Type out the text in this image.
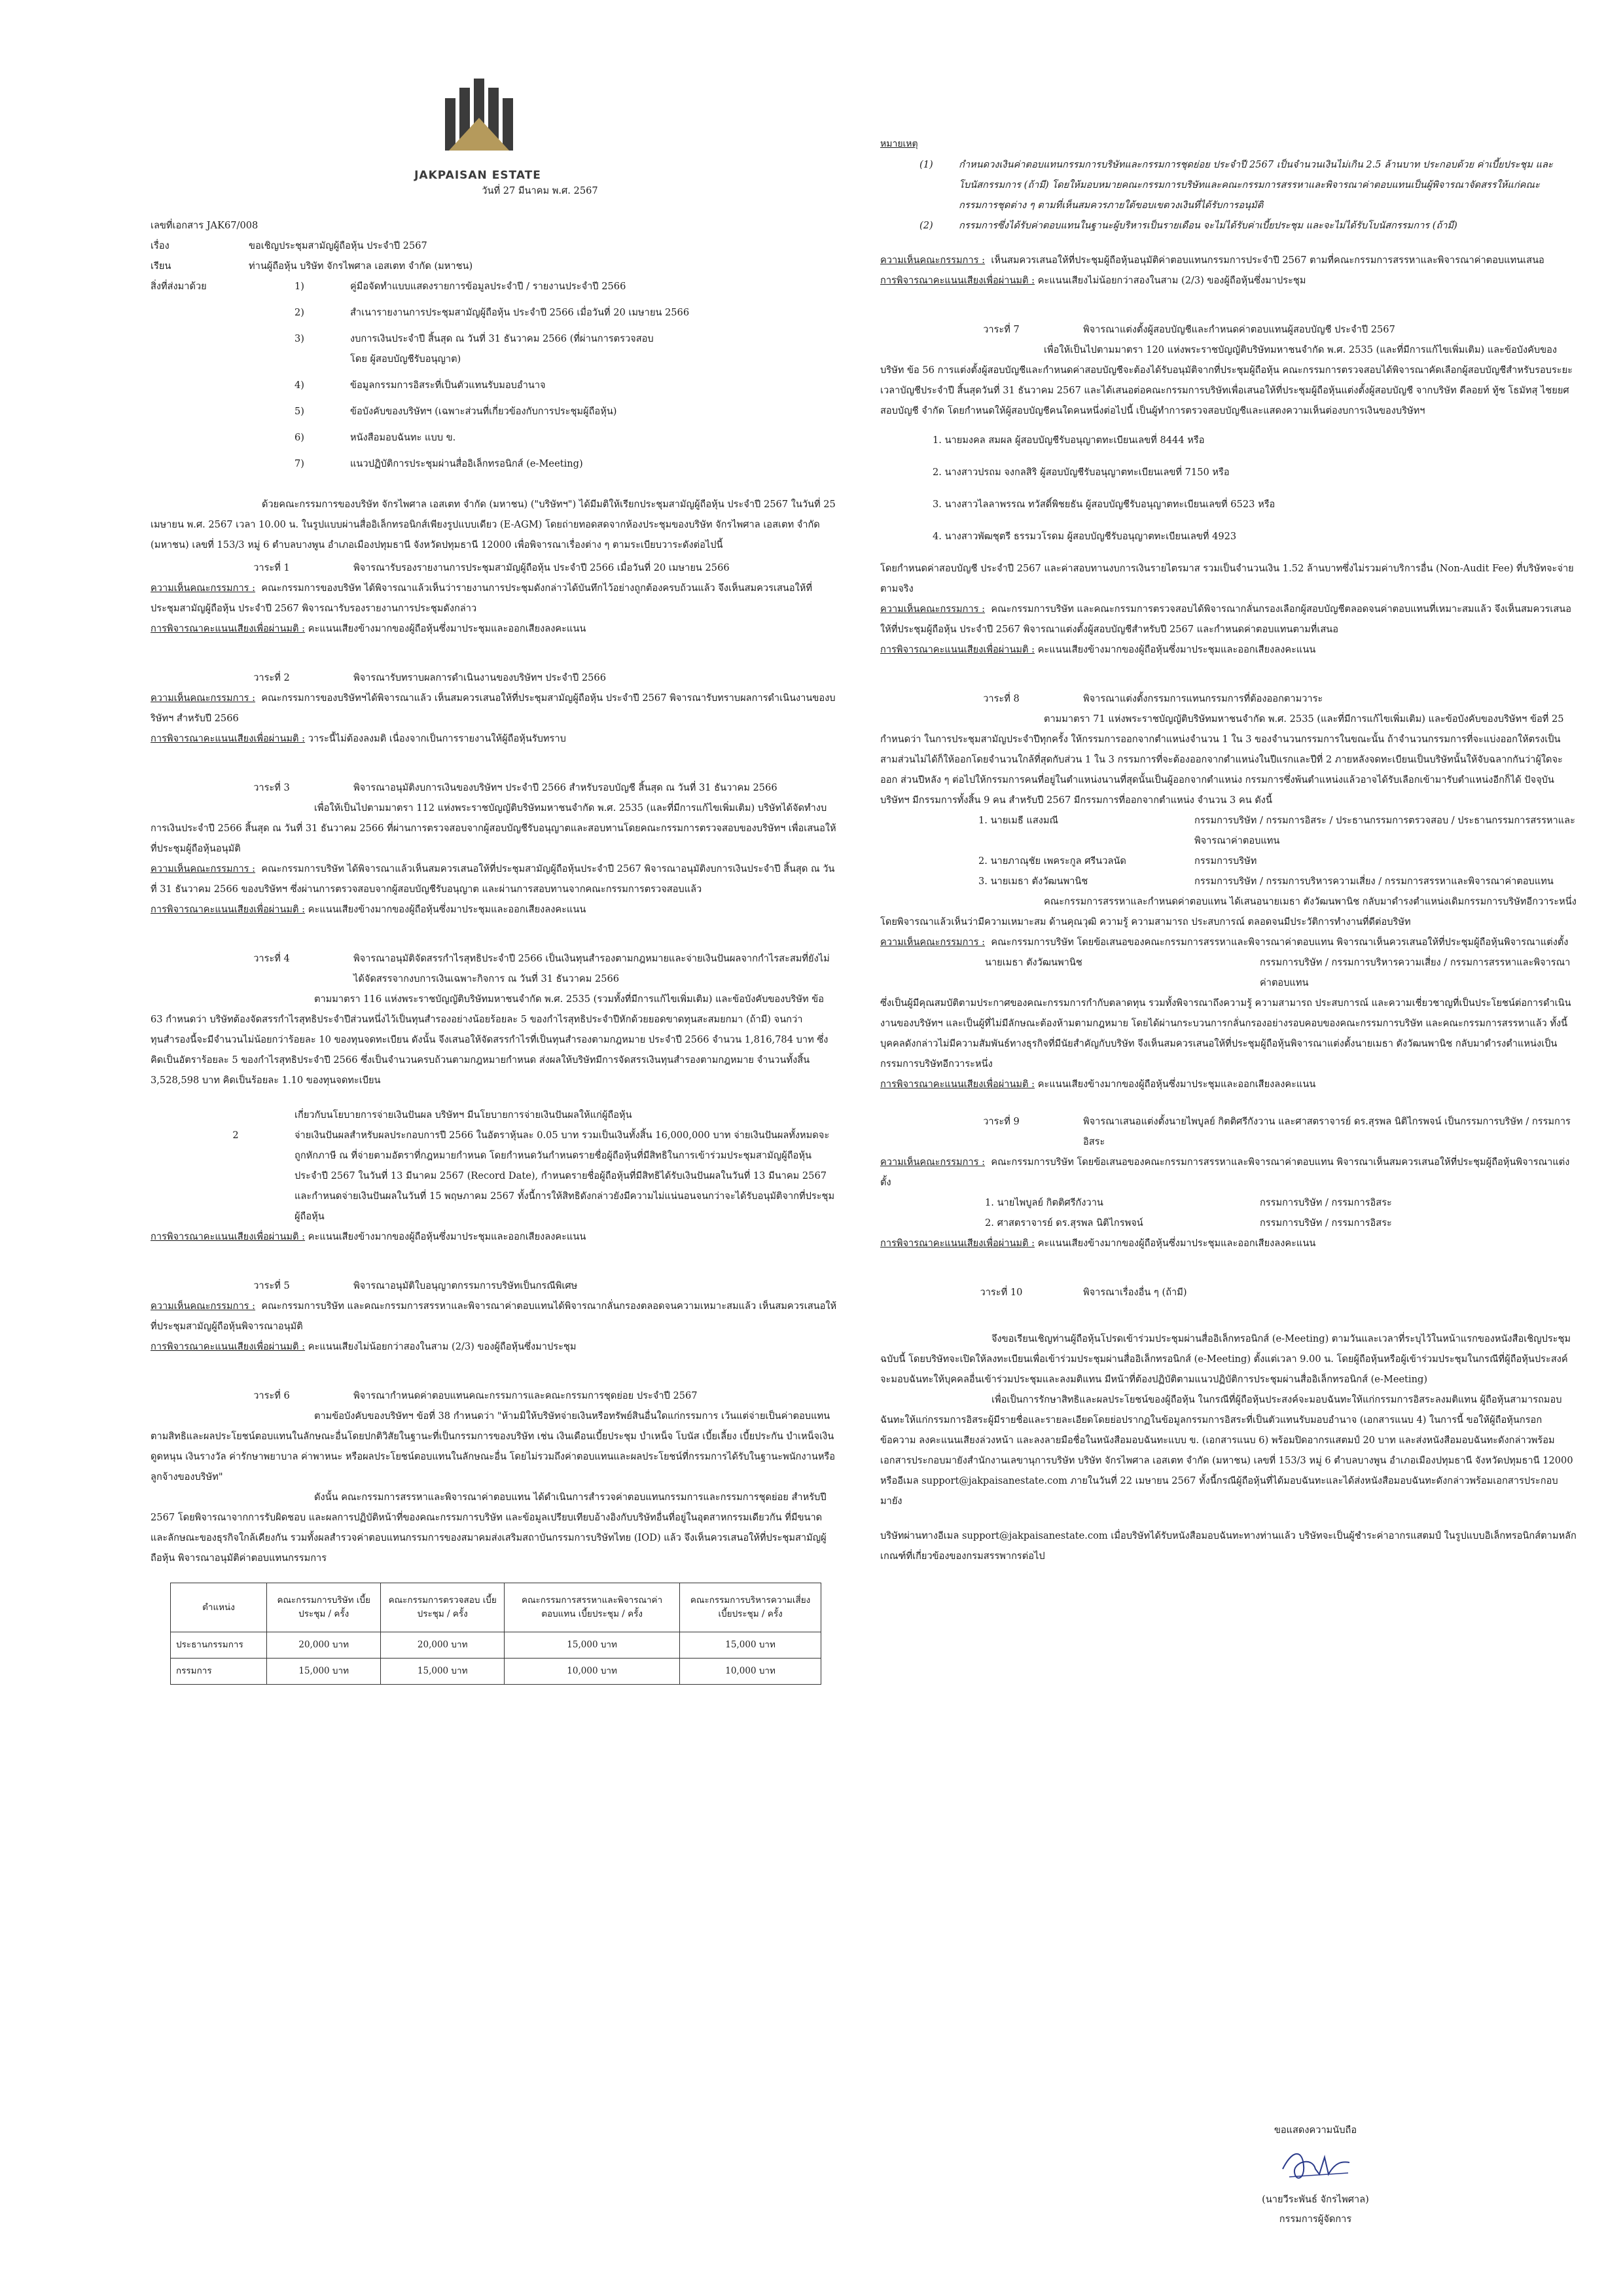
JAKPAISAN ESTATE
วันที่ 27 มีนาคม พ.ศ. 2567
เลขที่เอกสาร JAK67/008
เรื่อง	ขอเชิญประชุมสามัญผู้ถือหุ้น ประจำปี 2567
เรียน	ท่านผู้ถือหุ้น บริษัท จักรไพศาล เอสเตท จำกัด (มหาชน)
สิ่งที่ส่งมาด้วย	1)	คู่มือจัดทำแบบแสดงรายการข้อมูลประจำปี / รายงานประจำปี 2566
2)	สำเนารายงานการประชุมสามัญผู้ถือหุ้น ประจำปี 2566 เมื่อวันที่ 20 เมษายน 2566
3)	งบการเงินประจำปี สิ้นสุด ณ วันที่ 31 ธันวาคม 2566 (ที่ผ่านการตรวจสอบโดย ผู้สอบบัญชีรับอนุญาต)
4)	ข้อมูลกรรมการอิสระที่เป็นตัวแทนรับมอบอำนาจ
5)	ข้อบังคับของบริษัทฯ (เฉพาะส่วนที่เกี่ยวข้องกับการประชุมผู้ถือหุ้น)
6)	หนังสือมอบฉันทะ แบบ ข.
7)	แนวปฏิบัติการประชุมผ่านสื่ออิเล็กทรอนิกส์ (e-Meeting)
ด้วยคณะกรรมการของบริษัท จักรไพศาล เอสเตท จำกัด (มหาชน) ("บริษัทฯ") ได้มีมติให้เรียกประชุมสามัญผู้ถือหุ้น ประจำปี 2567 ในวันที่ 25 เมษายน พ.ศ. 2567 เวลา 10.00 น. ในรูปแบบผ่านสื่ออิเล็กทรอนิกส์เพียงรูปแบบเดียว (E-AGM) โดยถ่ายทอดสดจากห้องประชุมของบริษัท จักรไพศาล เอสเตท จำกัด (มหาชน) เลขที่ 153/3 หมู่ 6 ตำบลบางพูน อำเภอเมืองปทุมธานี จังหวัดปทุมธานี 12000 เพื่อพิจารณาเรื่องต่าง ๆ ตามระเบียบวาระดังต่อไปนี้
วาระที่ 1	พิจารณารับรองรายงานการประชุมสามัญผู้ถือหุ้น ประจำปี 2566 เมื่อวันที่ 20 เมษายน 2566
ความเห็นคณะกรรมการ : คณะกรรมการของบริษัท ได้พิจารณาแล้วเห็นว่ารายงานการประชุมดังกล่าวได้บันทึกไว้อย่างถูกต้องครบถ้วนแล้ว จึงเห็นสมควรเสนอให้ที่ประชุมสามัญผู้ถือหุ้น ประจำปี 2567 พิจารณารับรองรายงานการประชุมดังกล่าว
การพิจารณาคะแนนเสียงเพื่อผ่านมติ : คะแนนเสียงข้างมากของผู้ถือหุ้นซึ่งมาประชุมและออกเสียงลงคะแนน
วาระที่ 2	พิจารณารับทราบผลการดำเนินงานของบริษัทฯ ประจำปี 2566
ความเห็นคณะกรรมการ : คณะกรรมการของบริษัทฯได้พิจารณาแล้ว เห็นสมควรเสนอให้ที่ประชุมสามัญผู้ถือหุ้น ประจำปี 2567 พิจารณารับทราบผลการดำเนินงานของบริษัทฯ สำหรับปี 2566
การพิจารณาคะแนนเสียงเพื่อผ่านมติ : วาระนี้ไม่ต้องลงมติ เนื่องจากเป็นการรายงานให้ผู้ถือหุ้นรับทราบ
วาระที่ 3	พิจารณาอนุมัติงบการเงินของบริษัทฯ ประจำปี 2566 สำหรับรอบบัญชี สิ้นสุด ณ วันที่ 31 ธันวาคม 2566
เพื่อให้เป็นไปตามมาตรา 112 แห่งพระราชบัญญัติบริษัทมหาชนจำกัด พ.ศ. 2535 (และที่มีการแก้ไขเพิ่มเติม) บริษัทได้จัดทำงบการเงินประจำปี 2566 สิ้นสุด ณ วันที่ 31 ธันวาคม 2566 ที่ผ่านการตรวจสอบจากผู้สอบบัญชีรับอนุญาตและสอบทานโดยคณะกรรมการตรวจสอบของบริษัทฯ เพื่อเสนอให้ที่ประชุมผู้ถือหุ้นอนุมัติ
ความเห็นคณะกรรมการ : คณะกรรมการบริษัท ได้พิจารณาแล้วเห็นสมควรเสนอให้ที่ประชุมสามัญผู้ถือหุ้นประจำปี 2567 พิจารณาอนุมัติงบการเงินประจำปี สิ้นสุด ณ วันที่ 31 ธันวาคม 2566 ของบริษัทฯ ซึ่งผ่านการตรวจสอบจากผู้สอบบัญชีรับอนุญาต และผ่านการสอบทานจากคณะกรรมการตรวจสอบแล้ว
การพิจารณาคะแนนเสียงเพื่อผ่านมติ : คะแนนเสียงข้างมากของผู้ถือหุ้นซึ่งมาประชุมและออกเสียงลงคะแนน
วาระที่ 4	พิจารณาอนุมัติจัดสรรกำไรสุทธิประจำปี 2566 เป็นเงินทุนสำรองตามกฎหมายและจ่ายเงินปันผลจากกำไรสะสมที่ยังไม่ได้จัดสรรจากงบการเงินเฉพาะกิจการ ณ วันที่ 31 ธันวาคม 2566
ตามมาตรา 116 แห่งพระราชบัญญัติบริษัทมหาชนจำกัด พ.ศ. 2535 (รวมทั้งที่มีการแก้ไขเพิ่มเติม) และข้อบังคับของบริษัท ข้อ 63 กำหนดว่า บริษัทต้องจัดสรรกำไรสุทธิประจำปีส่วนหนึ่งไว้เป็นทุนสำรองอย่างน้อยร้อยละ 5 ของกำไรสุทธิประจำปีหักด้วยยอดขาดทุนสะสมยกมา (ถ้ามี) จนกว่าทุนสำรองนี้จะมีจำนวนไม่น้อยกว่าร้อยละ 10 ของทุนจดทะเบียน ดังนั้น จึงเสนอให้จัดสรรกำไรที่เป็นทุนสำรองตามกฎหมาย ประจำปี 2566 จำนวน 1,816,784 บาท ซึ่งคิดเป็นอัตราร้อยละ 5 ของกำไรสุทธิประจำปี 2566 ซึ่งเป็นจำนวนครบถ้วนตามกฎหมายกำหนด ส่งผลให้บริษัทมีการจัดสรรเงินทุนสำรองตามกฎหมาย จำนวนทั้งสิ้น 3,528,598 บาท คิดเป็นร้อยละ 1.10 ของทุนจดทะเบียน
เกี่ยวกับนโยบายการจ่ายเงินปันผล บริษัทฯ มีนโยบายการจ่ายเงินปันผลให้แก่ผู้ถือหุ้น
2	จ่ายเงินปันผลสำหรับผลประกอบการปี 2566 ในอัตราหุ้นละ 0.05 บาท รวมเป็นเงินทั้งสิ้น 16,000,000 บาท จ่ายเงินปันผลทั้งหมดจะถูกหักภาษี ณ ที่จ่ายตามอัตราที่กฎหมายกำหนด โดยกำหนดวันกำหนดรายชื่อผู้ถือหุ้นที่มีสิทธิในการเข้าร่วมประชุมสามัญผู้ถือหุ้น ประจำปี 2567 ในวันที่ 13 มีนาคม 2567 (Record Date), กำหนดรายชื่อผู้ถือหุ้นที่มีสิทธิได้รับเงินปันผลในวันที่ 13 มีนาคม 2567 และกำหนดจ่ายเงินปันผลในวันที่ 15 พฤษภาคม 2567 ทั้งนี้การให้สิทธิดังกล่าวยังมีความไม่แน่นอนจนกว่าจะได้รับอนุมัติจากที่ประชุมผู้ถือหุ้น
การพิจารณาคะแนนเสียงเพื่อผ่านมติ : คะแนนเสียงข้างมากของผู้ถือหุ้นซึ่งมาประชุมและออกเสียงลงคะแนน
วาระที่ 5	พิจารณาอนุมัติใบอนุญาตกรรมการบริษัทเป็นกรณีพิเศษ
ความเห็นคณะกรรมการ : คณะกรรมการบริษัท และคณะกรรมการสรรหาและพิจารณาค่าตอบแทนได้พิจารณากลั่นกรองตลอดจนความเหมาะสมแล้ว เห็นสมควรเสนอให้ที่ประชุมสามัญผู้ถือหุ้นพิจารณาอนุมัติ
การพิจารณาคะแนนเสียงเพื่อผ่านมติ : คะแนนเสียงไม่น้อยกว่าสองในสาม (2/3) ของผู้ถือหุ้นซึ่งมาประชุม
วาระที่ 6	พิจารณากำหนดค่าตอบแทนคณะกรรมการและคณะกรรมการชุดย่อย ประจำปี 2567
ตามข้อบังคับของบริษัทฯ ข้อที่ 38 กำหนดว่า "ห้ามมิให้บริษัทจ่ายเงินหรือทรัพย์สินอื่นใดแก่กรรมการ เว้นแต่จ่ายเป็นค่าตอบแทนตามสิทธิและผลประโยชน์ตอบแทนในลักษณะอื่นโดยปกติวิสัยในฐานะที่เป็นกรรมการของบริษัท เช่น เงินเดือนเบี้ยประชุม บำเหน็จ โบนัส เบี้ยเลี้ยง เบี้ยประกัน บำเหน็จเงินดูดหนุน เงินรางวัล ค่ารักษาพยาบาล ค่าพาหนะ หรือผลประโยชน์ตอบแทนในลักษณะอื่น โดยไม่รวมถึงค่าตอบแทนและผลประโยชน์ที่กรรมการได้รับในฐานะพนักงานหรือลูกจ้างของบริษัท"
ดังนั้น คณะกรรมการสรรหาและพิจารณาค่าตอบแทน ได้ดำเนินการสำรวจค่าตอบแทนกรรมการและกรรมการชุดย่อย สำหรับปี 2567 โดยพิจารณาจากการรับผิดชอบ และผลการปฏิบัติหน้าที่ของคณะกรรมการบริษัท และข้อมูลเปรียบเทียบอ้างอิงกับบริษัทอื่นที่อยู่ในอุตสาหกรรมเดียวกัน ที่มีขนาดและลักษณะของธุรกิจใกล้เคียงกัน รวมทั้งผลสำรวจค่าตอบแทนกรรมการของสมาคมส่งเสริมสถาบันกรรมการบริษัทไทย (IOD) แล้ว จึงเห็นควรเสนอให้ที่ประชุมสามัญผู้ถือหุ้น พิจารณาอนุมัติค่าตอบแทนกรรมการ
ตำแหน่ง	คณะกรรมการบริษัท เบี้ยประชุม / ครั้ง	คณะกรรมการตรวจสอบ เบี้ยประชุม / ครั้ง	คณะกรรมการสรรหาและพิจารณาค่าตอบแทน เบี้ยประชุม / ครั้ง	คณะกรรมการบริหารความเสี่ยง เบี้ยประชุม / ครั้ง
ประธานกรรมการ	20,000 บาท	20,000 บาท	15,000 บาท	15,000 บาท
กรรมการ	15,000 บาท	15,000 บาท	10,000 บาท	10,000 บาท
หมายเหตุ
(1)	กำหนดวงเงินค่าตอบแทนกรรมการบริษัทและกรรมการชุดย่อย ประจำปี 2567 เป็นจำนวนเงินไม่เกิน 2.5 ล้านบาท ประกอบด้วย ค่าเบี้ยประชุม และ โบนัสกรรมการ (ถ้ามี) โดยให้มอบหมายคณะกรรมการบริษัทและคณะกรรมการสรรหาและพิจารณาค่าตอบแทนเป็นผู้พิจารณาจัดสรรให้แก่คณะกรรมการชุดต่าง ๆ ตามที่เห็นสมควรภายใต้ขอบเขตวงเงินที่ได้รับการอนุมัติ
(2)	กรรมการซึ่งได้รับค่าตอบแทนในฐานะผู้บริหารเป็นรายเดือน จะไม่ได้รับค่าเบี้ยประชุม และจะไม่ได้รับโบนัสกรรมการ (ถ้ามี)
ความเห็นคณะกรรมการ : เห็นสมควรเสนอให้ที่ประชุมผู้ถือหุ้นอนุมัติค่าตอบแทนกรรมการประจำปี 2567 ตามที่คณะกรรมการสรรหาและพิจารณาค่าตอบแทนเสนอ
การพิจารณาคะแนนเสียงเพื่อผ่านมติ : คะแนนเสียงไม่น้อยกว่าสองในสาม (2/3) ของผู้ถือหุ้นซึ่งมาประชุม
วาระที่ 7	พิจารณาแต่งตั้งผู้สอบบัญชีและกำหนดค่าตอบแทนผู้สอบบัญชี ประจำปี 2567
เพื่อให้เป็นไปตามมาตรา 120 แห่งพระราชบัญญัติบริษัทมหาชนจำกัด พ.ศ. 2535 (และที่มีการแก้ไขเพิ่มเติม) และข้อบังคับของบริษัท ข้อ 56 การแต่งตั้งผู้สอบบัญชีและกำหนดค่าสอบบัญชีจะต้องได้รับอนุมัติจากที่ประชุมผู้ถือหุ้น คณะกรรมการตรวจสอบได้พิจารณาคัดเลือกผู้สอบบัญชีสำหรับรอบระยะเวลาบัญชีประจำปี สิ้นสุดวันที่ 31 ธันวาคม 2567 และได้เสนอต่อคณะกรรมการบริษัทเพื่อเสนอให้ที่ประชุมผู้ถือหุ้นแต่งตั้งผู้สอบบัญชี จากบริษัท ดีลอยท์ ทู้ช โธมัทสุ ไชยยศ สอบบัญชี จำกัด โดยกำหนดให้ผู้สอบบัญชีคนใดคนหนึ่งต่อไปนี้ เป็นผู้ทำการตรวจสอบบัญชีและแสดงความเห็นต่องบการเงินของบริษัทฯ
1. นายมงคล สมผล ผู้สอบบัญชีรับอนุญาตทะเบียนเลขที่ 8444 หรือ
2. นางสาวปรถม จงกลสิริ ผู้สอบบัญชีรับอนุญาตทะเบียนเลขที่ 7150 หรือ
3. นางสาวไลลาพรรณ ทวัสดิ์พิชยธัน ผู้สอบบัญชีรับอนุญาตทะเบียนเลขที่ 6523 หรือ
4. นางสาวพัฒชุตรี ธรรมวโรดม ผู้สอบบัญชีรับอนุญาตทะเบียนเลขที่ 4923
โดยกำหนดค่าสอบบัญชี ประจำปี 2567 และค่าสอบทานงบการเงินรายไตรมาส รวมเป็นจำนวนเงิน 1.52 ล้านบาทซึ่งไม่รวมค่าบริการอื่น (Non-Audit Fee) ที่บริษัทจะจ่ายตามจริง
ความเห็นคณะกรรมการ : คณะกรรมการบริษัท และคณะกรรมการตรวจสอบได้พิจารณากลั่นกรองเลือกผู้สอบบัญชีตลอดจนค่าตอบแทนที่เหมาะสมแล้ว จึงเห็นสมควรเสนอให้ที่ประชุมผู้ถือหุ้น ประจำปี 2567 พิจารณาแต่งตั้งผู้สอบบัญชีสำหรับปี 2567 และกำหนดค่าตอบแทนตามที่เสนอ
การพิจารณาคะแนนเสียงเพื่อผ่านมติ : คะแนนเสียงข้างมากของผู้ถือหุ้นซึ่งมาประชุมและออกเสียงลงคะแนน
วาระที่ 8	พิจารณาแต่งตั้งกรรมการแทนกรรมการที่ต้องออกตามวาระ
ตามมาตรา 71 แห่งพระราชบัญญัติบริษัทมหาชนจำกัด พ.ศ. 2535 (และที่มีการแก้ไขเพิ่มเติม) และข้อบังคับของบริษัทฯ ข้อที่ 25 กำหนดว่า ในการประชุมสามัญประจำปีทุกครั้ง ให้กรรมการออกจากตำแหน่งจำนวน 1 ใน 3 ของจำนวนกรรมการในขณะนั้น ถ้าจำนวนกรรมการที่จะแบ่งออกให้ตรงเป็นสามส่วนไม่ได้ก็ให้ออกโดยจำนวนใกล้ที่สุดกับส่วน 1 ใน 3 กรรมการที่จะต้องออกจากตำแหน่งในปีแรกและปีที่ 2 ภายหลังจดทะเบียนเป็นบริษัทนั้นให้จับฉลากกันว่าผู้ใดจะออก ส่วนปีหลัง ๆ ต่อไปให้กรรมการคนที่อยู่ในตำแหน่งนานที่สุดนั้นเป็นผู้ออกจากตำแหน่ง กรรมการซึ่งพ้นตำแหน่งแล้วอาจได้รับเลือกเข้ามารับตำแหน่งอีกก็ได้ ปัจจุบันบริษัทฯ มีกรรมการทั้งสิ้น 9 คน สำหรับปี 2567 มีกรรมการที่ออกจากตำแหน่ง จำนวน 3 คน ดังนี้
1. นายเมธี แสงมณี	กรรมการบริษัท / กรรมการอิสระ / ประธานกรรมการตรวจสอบ / ประธานกรรมการสรรหาและพิจารณาค่าตอบแทน
2. นายภาณุชัย เพคระกูล ศรีนวลนัด	กรรมการบริษัท
3. นายเมธา ตังวัฒนพานิช	กรรมการบริษัท / กรรมการบริหารความเสี่ยง / กรรมการสรรหาและพิจารณาค่าตอบแทน
คณะกรรมการสรรหาและกำหนดค่าตอบแทน ได้เสนอนายเมธา ตังวัฒนพานิช กลับมาดำรงตำแหน่งเดิมกรรมการบริษัทอีกวาระหนึ่ง โดยพิจารณาแล้วเห็นว่ามีความเหมาะสม ด้านคุณวุฒิ ความรู้ ความสามารถ ประสบการณ์ ตลอดจนมีประวัติการทำงานที่ดีต่อบริษัท
ความเห็นคณะกรรมการ : คณะกรรมการบริษัท โดยข้อเสนอของคณะกรรมการสรรหาและพิจารณาค่าตอบแทน พิจารณาเห็นควรเสนอให้ที่ประชุมผู้ถือหุ้นพิจารณาแต่งตั้ง
นายเมธา ตังวัฒนพานิช	กรรมการบริษัท / กรรมการบริหารความเสี่ยง / กรรมการสรรหาและพิจารณาค่าตอบแทน
ซึ่งเป็นผู้มีคุณสมบัติตามประกาศของคณะกรรมการกำกับตลาดทุน รวมทั้งพิจารณาถึงความรู้ ความสามารถ ประสบการณ์ และความเชี่ยวชาญที่เป็นประโยชน์ต่อการดำเนินงานของบริษัทฯ และเป็นผู้ที่ไม่มีลักษณะต้องห้ามตามกฎหมาย โดยได้ผ่านกระบวนการกลั่นกรองอย่างรอบคอบของคณะกรรมการบริษัท และคณะกรรมการสรรหาแล้ว ทั้งนี้ บุคคลดังกล่าวไม่มีความสัมพันธ์ทางธุรกิจที่มีนัยสำคัญกับบริษัท จึงเห็นสมควรเสนอให้ที่ประชุมผู้ถือหุ้นพิจารณาแต่งตั้งนายเมธา ตังวัฒนพานิช กลับมาดำรงตำแหน่งเป็นกรรมการบริษัทอีกวาระหนึ่ง
การพิจารณาคะแนนเสียงเพื่อผ่านมติ : คะแนนเสียงข้างมากของผู้ถือหุ้นซึ่งมาประชุมและออกเสียงลงคะแนน
วาระที่ 9	พิจารณาเสนอแต่งตั้งนายไพบูลย์ กิตติศรีกังวาน และศาสตราจารย์ ดร.สุรพล นิติไกรพจน์ เป็นกรรมการบริษัท / กรรมการอิสระ
ความเห็นคณะกรรมการ : คณะกรรมการบริษัท โดยข้อเสนอของคณะกรรมการสรรหาและพิจารณาค่าตอบแทน พิจารณาเห็นสมควรเสนอให้ที่ประชุมผู้ถือหุ้นพิจารณาแต่งตั้ง
1. นายไพบูลย์ กิตติศรีกังวาน	กรรมการบริษัท / กรรมการอิสระ
2. ศาสตราจารย์ ดร.สุรพล นิติไกรพจน์	กรรมการบริษัท / กรรมการอิสระ
การพิจารณาคะแนนเสียงเพื่อผ่านมติ : คะแนนเสียงข้างมากของผู้ถือหุ้นซึ่งมาประชุมและออกเสียงลงคะแนน
วาระที่ 10	พิจารณาเรื่องอื่น ๆ (ถ้ามี)
จึงขอเรียนเชิญท่านผู้ถือหุ้นโปรดเข้าร่วมประชุมผ่านสื่ออิเล็กทรอนิกส์ (e-Meeting) ตามวันและเวลาที่ระบุไว้ในหน้าแรกของหนังสือเชิญประชุมฉบับนี้ โดยบริษัทจะเปิดให้ลงทะเบียนเพื่อเข้าร่วมประชุมผ่านสื่ออิเล็กทรอนิกส์ (e-Meeting) ตั้งแต่เวลา 9.00 น. โดยผู้ถือหุ้นหรือผู้เข้าร่วมประชุมในกรณีที่ผู้ถือหุ้นประสงค์จะมอบฉันทะให้บุคคลอื่นเข้าร่วมประชุมและลงมติแทน มีหน้าที่ต้องปฏิบัติตามแนวปฏิบัติการประชุมผ่านสื่ออิเล็กทรอนิกส์ (e-Meeting)
เพื่อเป็นการรักษาสิทธิและผลประโยชน์ของผู้ถือหุ้น ในกรณีที่ผู้ถือหุ้นประสงค์จะมอบฉันทะให้แก่กรรมการอิสระลงมติแทน ผู้ถือหุ้นสามารถมอบฉันทะให้แก่กรรมการอิสระผู้มีรายชื่อและรายละเอียดโดยย่อปรากฏในข้อมูลกรรมการอิสระที่เป็นตัวแทนรับมอบอำนาจ (เอกสารแนบ 4) ในการนี้ ขอให้ผู้ถือหุ้นกรอกข้อความ ลงคะแนนเสียงล่วงหน้า และลงลายมือชื่อในหนังสือมอบฉันทะแบบ ข. (เอกสารแนบ 6) พร้อมปิดอากรแสตมป์ 20 บาท และส่งหนังสือมอบฉันทะดังกล่าวพร้อมเอกสารประกอบมายังสำนักงานเลขานุการบริษัท บริษัท จักรไพศาล เอสเตท จำกัด (มหาชน) เลขที่ 153/3 หมู่ 6 ตำบลบางพูน อำเภอเมืองปทุมธานี จังหวัดปทุมธานี 12000 หรืออีเมล support@jakpaisanestate.com ภายในวันที่ 22 เมษายน 2567 ทั้งนี้กรณีผู้ถือหุ้นที่ได้มอบฉันทะและได้ส่งหนังสือมอบฉันทะดังกล่าวพร้อมเอกสารประกอบมายัง
บริษัทผ่านทางอีเมล support@jakpaisanestate.com เมื่อบริษัทได้รับหนังสือมอบฉันทะทางท่านแล้ว บริษัทจะเป็นผู้ชำระค่าอากรแสตมป์ ในรูปแบบอิเล็กทรอนิกส์ตามหลักเกณฑ์ที่เกี่ยวข้องของกรมสรรพากรต่อไป
ขอแสดงความนับถือ
(นายวีระพันธ์ จักรไพศาล)
กรรมการผู้จัดการ
